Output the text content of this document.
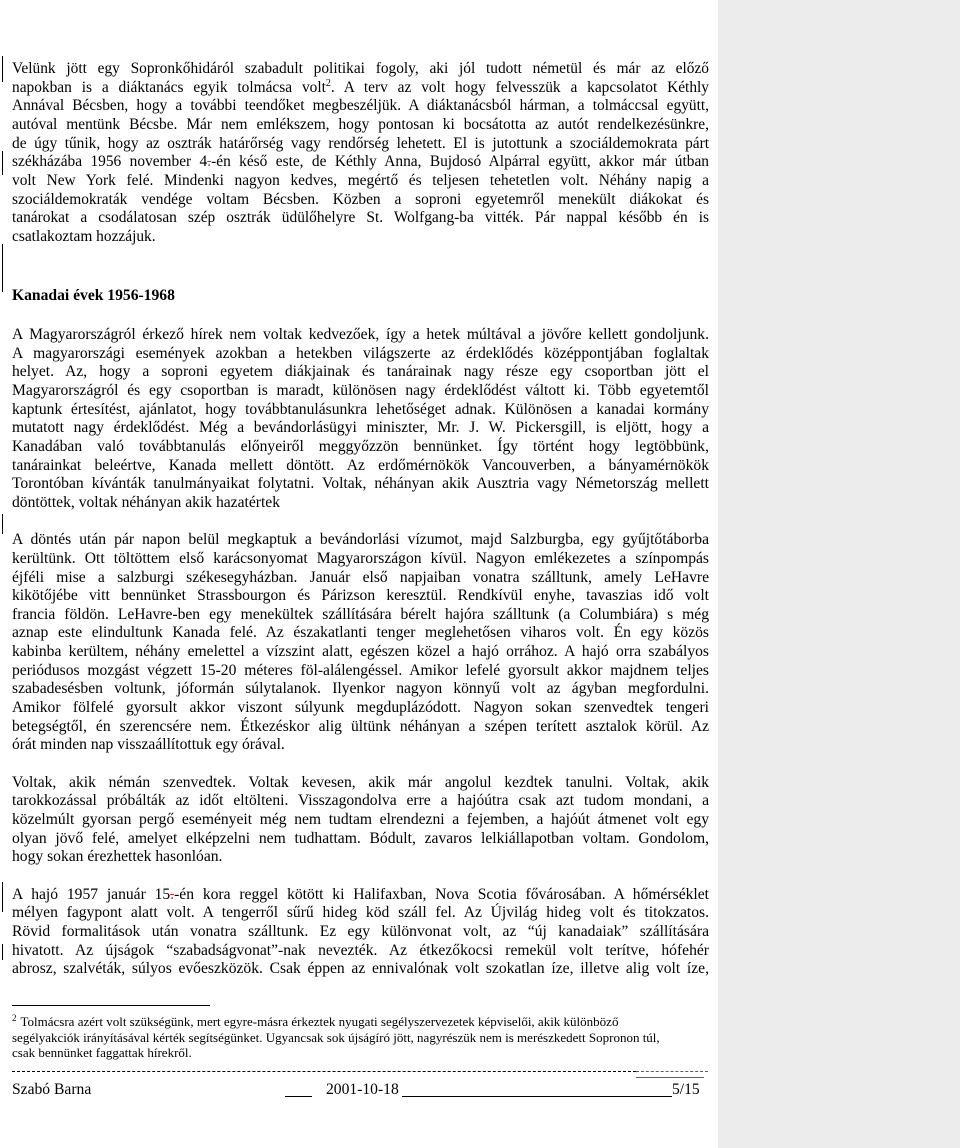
Velünk jött egy Sopronkőhidáról szabadult politikai fogoly, aki jól tudott németül és már az előző
napokban is a diáktanács egyik tolmácsa volt$^2$. A terv az volt hogy felvesszük a kapcsolatot Kéthly
Annával Bécsben, hogy a további teendőket megbeszéljük. A diáktanácsból hárman, a tolmáccsal együtt,
autóval mentünk Bécsbe. Már nem emlékszem, hogy pontosan ki bocsátotta az autót rendelkezésünkre,
de úgy tűnik, hogy az osztrák határőrség vagy rendőrség lehetett. El is jutottunk a szociáldemokrata párt
székházába 1956 november 4.-én késő este, de Kéthly Anna, Bujdosó Alpárral együtt, akkor már útban
volt New York felé. Mindenki nagyon kedves, megértő és teljesen tehetetlen volt. Néhány napig a
szociáldemokraták vendége voltam Bécsben. Közben a soproni egyetemről menekült diákokat és
tanárokat a csodálatosan szép osztrák üdülőhelyre St. Wolfgang-ba vitték. Pár nappal később én is
csatlakoztam hozzájuk.
Kanadai évek 1956-1968
A Magyarországról érkező hírek nem voltak kedvezőek, így a hetek múltával a jövőre kellett gondoljunk.
A magyarországi események azokban a hetekben világszerte az érdeklődés középpontjában foglaltak
helyet. Az, hogy a soproni egyetem diákjainak és tanárainak nagy része egy csoportban jött el
Magyarországról és egy csoportban is maradt, különösen nagy érdeklődést váltott ki. Több egyetemtől
kaptunk értesítést, ajánlatot, hogy továbbtanulásunkra lehetőséget adnak. Különösen a kanadai kormány
mutatott nagy érdeklődést. Még a bevándorlásügyi miniszter, Mr. J. W. Pickersgill, is eljött, hogy a
Kanadában való továbbtanulás előnyeiről meggyőzzön bennünket. Így történt hogy legtöbbünk,
tanárainkat beleértve, Kanada mellett döntött. Az erdőmérnökök Vancouverben, a bányamérnökök
Torontóban kívánták tanulmányaikat folytatni. Voltak, néhányan akik Ausztria vagy Németország mellett
döntöttek, voltak néhányan akik hazatértek
A döntés után pár napon belül megkaptuk a bevándorlási vízumot, majd Salzburgba, egy gyűjtőtáborba
kerültünk. Ott töltöttem első karácsonyomat Magyarországon kívül. Nagyon emlékezetes a színpompás
éjféli mise a salzburgi székesegyházban. Január első napjaiban vonatra szálltunk, amely LeHavre
kikötőjébe vitt bennünket Strassbourgon és Párizson keresztül. Rendkívül enyhe, tavaszias idő volt
francia földön. LeHavre-ben egy menekültek szállítására bérelt hajóra szálltunk (a Columbiára) s még
aznap este elindultunk Kanada felé. Az északatlanti tenger meglehetősen viharos volt. Én egy közös
kabinba kerültem, néhány emelettel a vízszint alatt, egészen közel a hajó orrához. A hajó orra szabályos
periódusos mozgást végzett 15-20 méteres föl-alálengéssel. Amikor lefelé gyorsult akkor majdnem teljes
szabadesésben voltunk, jóformán súlytalanok. Ilyenkor nagyon könnyű volt az ágyban megfordulni.
Amikor fölfelé gyorsult akkor viszont súlyunk megduplázódott. Nagyon sokan szenvedtek tengeri
betegségtől, én szerencsére nem. Étkezéskor alig ültünk néhányan a szépen terített asztalok körül. Az
órát minden nap visszaállítottuk egy órával.
Voltak, akik némán szenvedtek. Voltak kevesen, akik már angolul kezdtek tanulni. Voltak, akik
tarokkozással próbálták az időt eltölteni. Visszagondolva erre a hajóútra csak azt tudom mondani, a
közelmúlt gyorsan pergő eseményeit még nem tudtam elrendezni a fejemben, a hajóút átmenet volt egy
olyan jövő felé, amelyet elképzelni nem tudhattam. Bódult, zavaros lelkiállapotban voltam. Gondolom,
hogy sokan érezhettek hasonlóan.
A hajó 1957 január 15.-én kora reggel kötött ki Halifaxban, Nova Scotia fővárosában. A hőmérséklet
mélyen fagypont alatt volt. A tengerről sűrű hideg köd száll fel. Az Újvilág hideg volt és titokzatos.
Rövid formalitások után vonatra szálltunk. Ez egy különvonat volt, az “új kanadaiak” szállítására
hivatott. Az újságok “szabadságvonat”-nak nevezték. Az étkezőkocsi remekül volt terítve, hófehér
abrosz, szalvéták, súlyos evőeszközök. Csak éppen az ennivalónak volt szokatlan íze, illetve alig volt íze,
$^2$ Tolmácsra azért volt szükségünk, mert egyre-másra érkeztek nyugati segélyszervezetek képviselői, akik különböző
segélyakciók irányításával kérték segítségünket. Ugyancsak sok újságíró jött, nagyrészük nem is merészkedett Sopronon túl,
csak bennünket faggattak hírekről.
Szabó Barna	2001-10-18	5/15
